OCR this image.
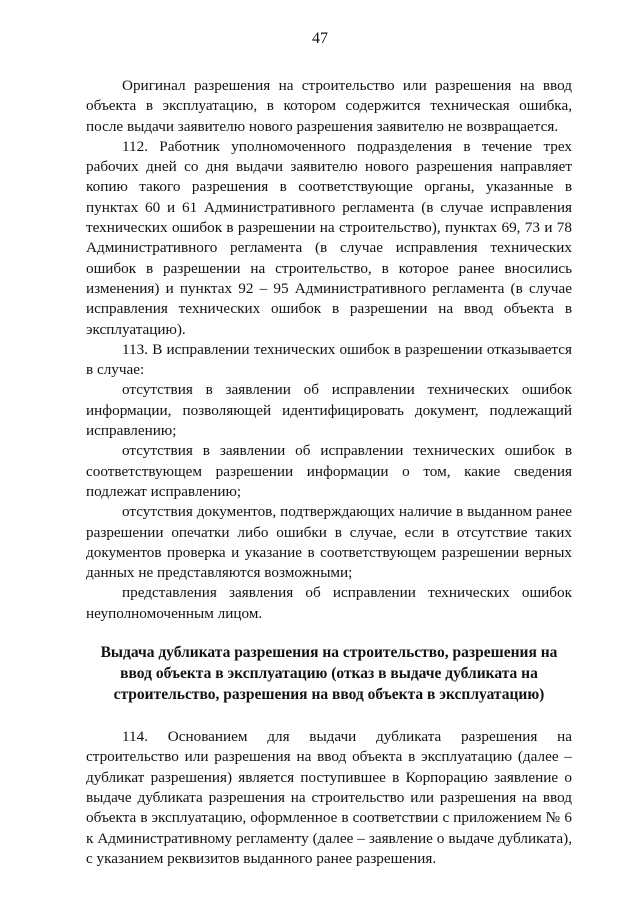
47

Оригинал разрешения на строительство или разрешения на ввод объекта в эксплуатацию, в котором содержится техническая ошибка, после выдачи заявителю нового разрешения заявителю не возвращается.

112. Работник уполномоченного подразделения в течение трех рабочих дней со дня выдачи заявителю нового разрешения направляет копию такого разрешения в соответствующие органы, указанные в пунктах 60 и 61 Административного регламента (в случае исправления технических ошибок в разрешении на строительство), пунктах 69, 73 и 78 Административного регламента (в случае исправления технических ошибок в разрешении на строительство, в которое ранее вносились изменения) и пунктах 92 – 95 Административного регламента (в случае исправления технических ошибок в разрешении на ввод объекта в эксплуатацию).

113. В исправлении технических ошибок в разрешении отказывается в случае:

отсутствия в заявлении об исправлении технических ошибок информации, позволяющей идентифицировать документ, подлежащий исправлению;

отсутствия в заявлении об исправлении технических ошибок в соответствующем разрешении информации о том, какие сведения подлежат исправлению;

отсутствия документов, подтверждающих наличие в выданном ранее разрешении опечатки либо ошибки в случае, если в отсутствие таких документов проверка и указание в соответствующем разрешении верных данных не представляются возможными;

представления заявления об исправлении технических ошибок неуполномоченным лицом.

Выдача дубликата разрешения на строительство, разрешения на ввод объекта в эксплуатацию (отказ в выдаче дубликата на строительство, разрешения на ввод объекта в эксплуатацию)

114. Основанием для выдачи дубликата разрешения на строительство или разрешения на ввод объекта в эксплуатацию (далее – дубликат разрешения) является поступившее в Корпорацию заявление о выдаче дубликата разрешения на строительство или разрешения на ввод объекта в эксплуатацию, оформленное в соответствии с приложением № 6 к Административному регламенту (далее – заявление о выдаче дубликата), с указанием реквизитов выданного ранее разрешения.
